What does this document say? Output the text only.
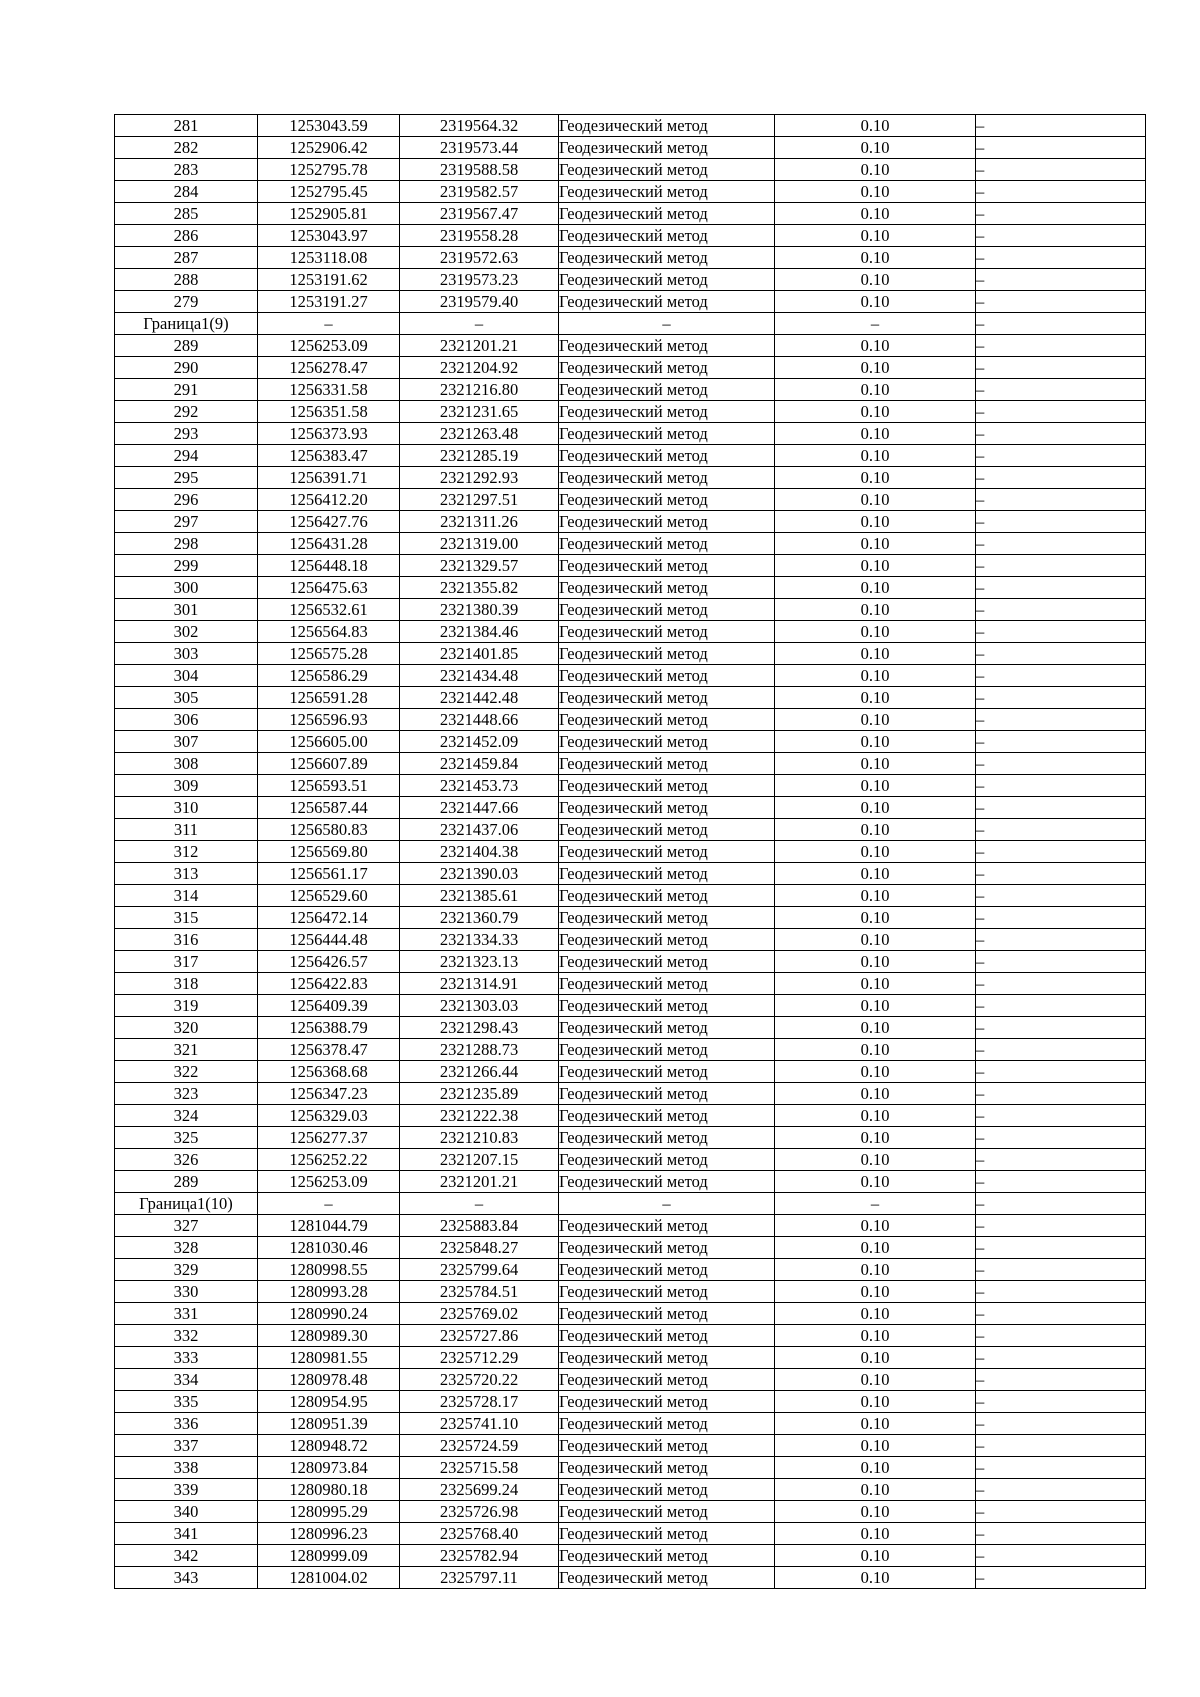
281	1253043.59	2319564.32	Геодезический метод	0.10	–
282	1252906.42	2319573.44	Геодезический метод	0.10	–
283	1252795.78	2319588.58	Геодезический метод	0.10	–
284	1252795.45	2319582.57	Геодезический метод	0.10	–
285	1252905.81	2319567.47	Геодезический метод	0.10	–
286	1253043.97	2319558.28	Геодезический метод	0.10	–
287	1253118.08	2319572.63	Геодезический метод	0.10	–
288	1253191.62	2319573.23	Геодезический метод	0.10	–
279	1253191.27	2319579.40	Геодезический метод	0.10	–
Граница1(9)	–	–	–	–	–
289	1256253.09	2321201.21	Геодезический метод	0.10	–
290	1256278.47	2321204.92	Геодезический метод	0.10	–
291	1256331.58	2321216.80	Геодезический метод	0.10	–
292	1256351.58	2321231.65	Геодезический метод	0.10	–
293	1256373.93	2321263.48	Геодезический метод	0.10	–
294	1256383.47	2321285.19	Геодезический метод	0.10	–
295	1256391.71	2321292.93	Геодезический метод	0.10	–
296	1256412.20	2321297.51	Геодезический метод	0.10	–
297	1256427.76	2321311.26	Геодезический метод	0.10	–
298	1256431.28	2321319.00	Геодезический метод	0.10	–
299	1256448.18	2321329.57	Геодезический метод	0.10	–
300	1256475.63	2321355.82	Геодезический метод	0.10	–
301	1256532.61	2321380.39	Геодезический метод	0.10	–
302	1256564.83	2321384.46	Геодезический метод	0.10	–
303	1256575.28	2321401.85	Геодезический метод	0.10	–
304	1256586.29	2321434.48	Геодезический метод	0.10	–
305	1256591.28	2321442.48	Геодезический метод	0.10	–
306	1256596.93	2321448.66	Геодезический метод	0.10	–
307	1256605.00	2321452.09	Геодезический метод	0.10	–
308	1256607.89	2321459.84	Геодезический метод	0.10	–
309	1256593.51	2321453.73	Геодезический метод	0.10	–
310	1256587.44	2321447.66	Геодезический метод	0.10	–
311	1256580.83	2321437.06	Геодезический метод	0.10	–
312	1256569.80	2321404.38	Геодезический метод	0.10	–
313	1256561.17	2321390.03	Геодезический метод	0.10	–
314	1256529.60	2321385.61	Геодезический метод	0.10	–
315	1256472.14	2321360.79	Геодезический метод	0.10	–
316	1256444.48	2321334.33	Геодезический метод	0.10	–
317	1256426.57	2321323.13	Геодезический метод	0.10	–
318	1256422.83	2321314.91	Геодезический метод	0.10	–
319	1256409.39	2321303.03	Геодезический метод	0.10	–
320	1256388.79	2321298.43	Геодезический метод	0.10	–
321	1256378.47	2321288.73	Геодезический метод	0.10	–
322	1256368.68	2321266.44	Геодезический метод	0.10	–
323	1256347.23	2321235.89	Геодезический метод	0.10	–
324	1256329.03	2321222.38	Геодезический метод	0.10	–
325	1256277.37	2321210.83	Геодезический метод	0.10	–
326	1256252.22	2321207.15	Геодезический метод	0.10	–
289	1256253.09	2321201.21	Геодезический метод	0.10	–
Граница1(10)	–	–	–	–	–
327	1281044.79	2325883.84	Геодезический метод	0.10	–
328	1281030.46	2325848.27	Геодезический метод	0.10	–
329	1280998.55	2325799.64	Геодезический метод	0.10	–
330	1280993.28	2325784.51	Геодезический метод	0.10	–
331	1280990.24	2325769.02	Геодезический метод	0.10	–
332	1280989.30	2325727.86	Геодезический метод	0.10	–
333	1280981.55	2325712.29	Геодезический метод	0.10	–
334	1280978.48	2325720.22	Геодезический метод	0.10	–
335	1280954.95	2325728.17	Геодезический метод	0.10	–
336	1280951.39	2325741.10	Геодезический метод	0.10	–
337	1280948.72	2325724.59	Геодезический метод	0.10	–
338	1280973.84	2325715.58	Геодезический метод	0.10	–
339	1280980.18	2325699.24	Геодезический метод	0.10	–
340	1280995.29	2325726.98	Геодезический метод	0.10	–
341	1280996.23	2325768.40	Геодезический метод	0.10	–
342	1280999.09	2325782.94	Геодезический метод	0.10	–
343	1281004.02	2325797.11	Геодезический метод	0.10	–
